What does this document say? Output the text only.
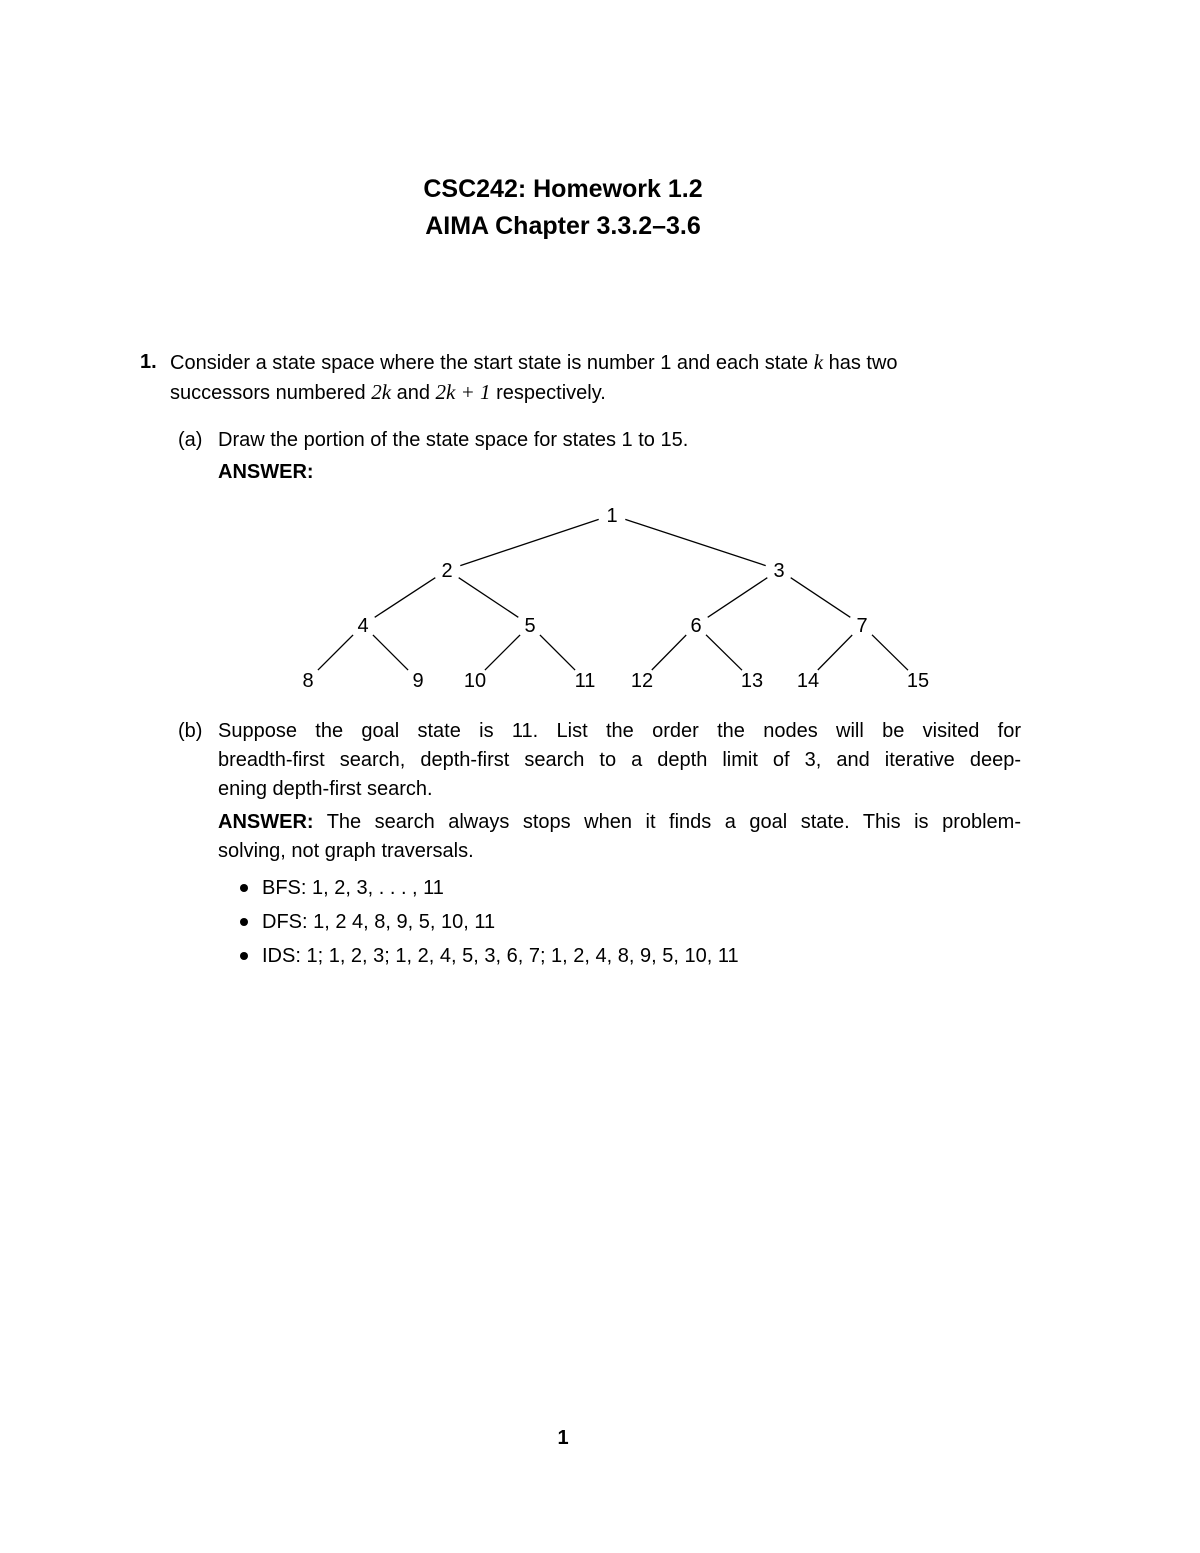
CSC242: Homework 1.2
AIMA Chapter 3.3.2–3.6
1. Consider a state space where the start state is number 1 and each state k has two
successors numbered 2k and 2k + 1 respectively.
(a) Draw the portion of the state space for states 1 to 15.
ANSWER:
1
2	3
4	5	6	7
8	9 10	11 12	13 14	15
(b) Suppose the goal state is 11. List the order the nodes will be visited for
breadth-first search, depth-first search to a depth limit of 3, and iterative deep-
ening depth-first search.
ANSWER: The search always stops when it finds a goal state. This is problem-
solving, not graph traversals.
BFS: 1, 2, 3, . . . , 11
DFS: 1, 2 4, 8, 9, 5, 10, 11
IDS: 1; 1, 2, 3; 1, 2, 4, 5, 3, 6, 7; 1, 2, 4, 8, 9, 5, 10, 11
1
